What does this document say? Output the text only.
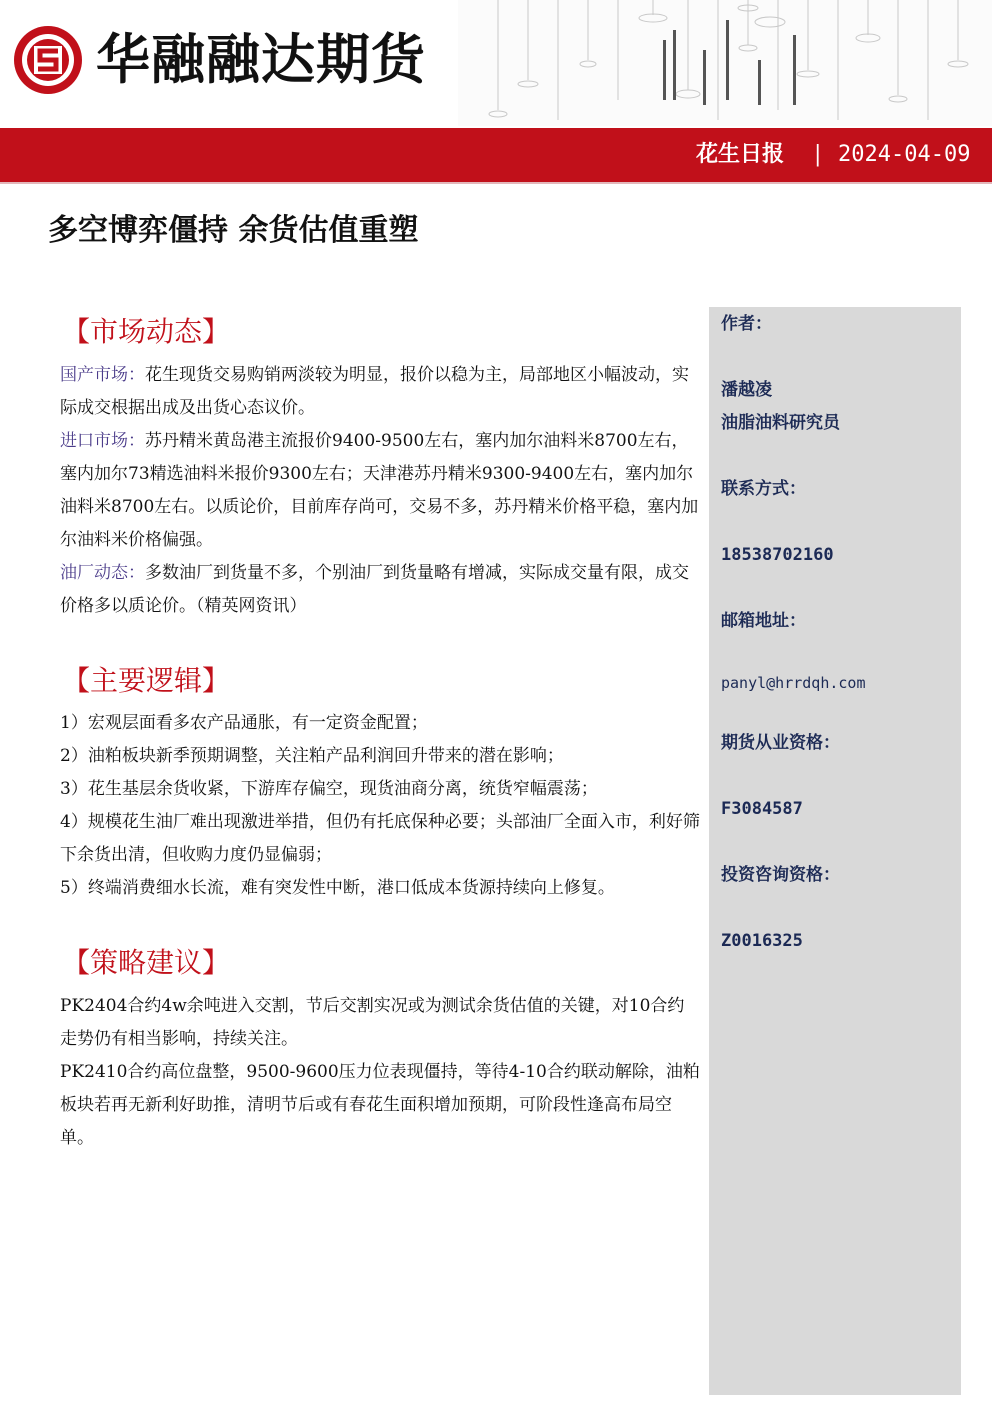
华融融达期货
花生日报 | 2024-04-09
多空博弈僵持 余货估值重塑
作者：
潘越凌
油脂油料研究员
联系方式：
18538702160
邮箱地址：
panyl@hrrdqh.com
期货从业资格：
F3084587
投资咨询资格：
Z0016325
【市场动态】

国产市场：花生现货交易购销两淡较为明显，报价以稳为主，局部地区小幅波动，实际成交根据出成及出货心态议价。

进口市场：苏丹精米黄岛港主流报价9400-9500左右，塞内加尔油料米8700左右，塞内加尔73精选油料米报价9300左右；天津港苏丹精米9300-9400左右，塞内加尔油料米8700左右。以质论价，目前库存尚可，交易不多，苏丹精米价格平稳，塞内加尔油料米价格偏强。

油厂动态：多数油厂到货量不多，个别油厂到货量略有增减，实际成交量有限，成交价格多以质论价。（精英网资讯）

【主要逻辑】

1）宏观层面看多农产品通胀，有一定资金配置；

2）油粕板块新季预期调整，关注粕产品利润回升带来的潜在影响；

3）花生基层余货收紧，下游库存偏空，现货油商分离，统货窄幅震荡；

4）规模花生油厂难出现激进举措，但仍有托底保种必要；头部油厂全面入市，利好筛下余货出清，但收购力度仍显偏弱；

5）终端消费细水长流，难有突发性中断，港口低成本货源持续向上修复。

【策略建议】

PK2404合约4w余吨进入交割，节后交割实况或为测试余货估值的关键，对10合约走势仍有相当影响，持续关注。

PK2410合约高位盘整，9500-9600压力位表现僵持，等待4-10合约联动解除，油粕板块若再无新利好助推，清明节后或有春花生面积增加预期，可阶段性逢高布局空单。
